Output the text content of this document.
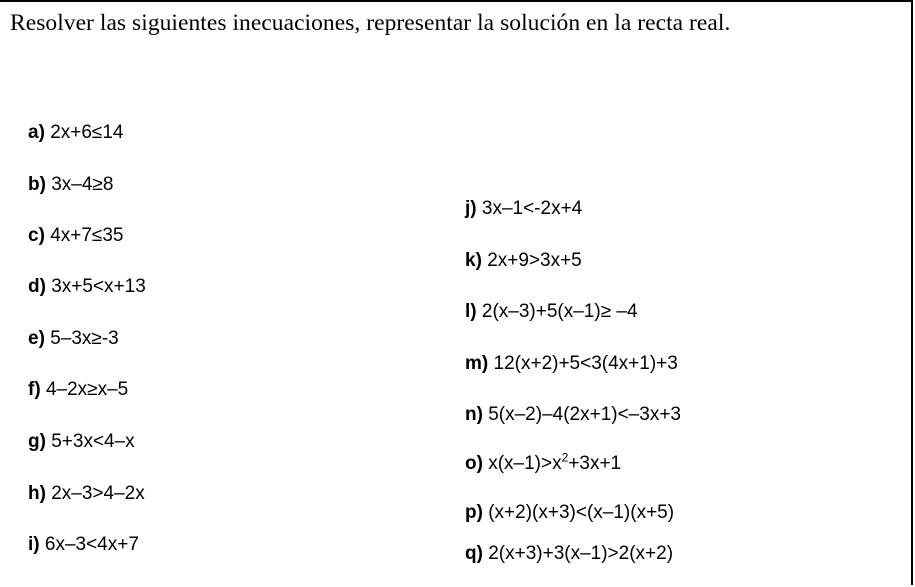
Resolver las siguientes inecuaciones, representar la solución en la recta real.
a) 2x+6≤14
b) 3x–4≥8
c) 4x+7≤35
d) 3x+5<x+13
e) 5–3x≥-3
f) 4–2x≥x–5
g) 5+3x<4–x
h) 2x–3>4–2x
i) 6x–3<4x+7
j) 3x–1<-2x+4
k) 2x+9>3x+5
l) 2(x–3)+5(x–1)≥ –4
m) 12(x+2)+5<3(4x+1)+3
n) 5(x–2)–4(2x+1)<–3x+3
o) $x(x-1)>x^2+3x+1$
p) (x+2)(x+3)<(x–1)(x+5)
q) 2(x+3)+3(x–1)>2(x+2)
